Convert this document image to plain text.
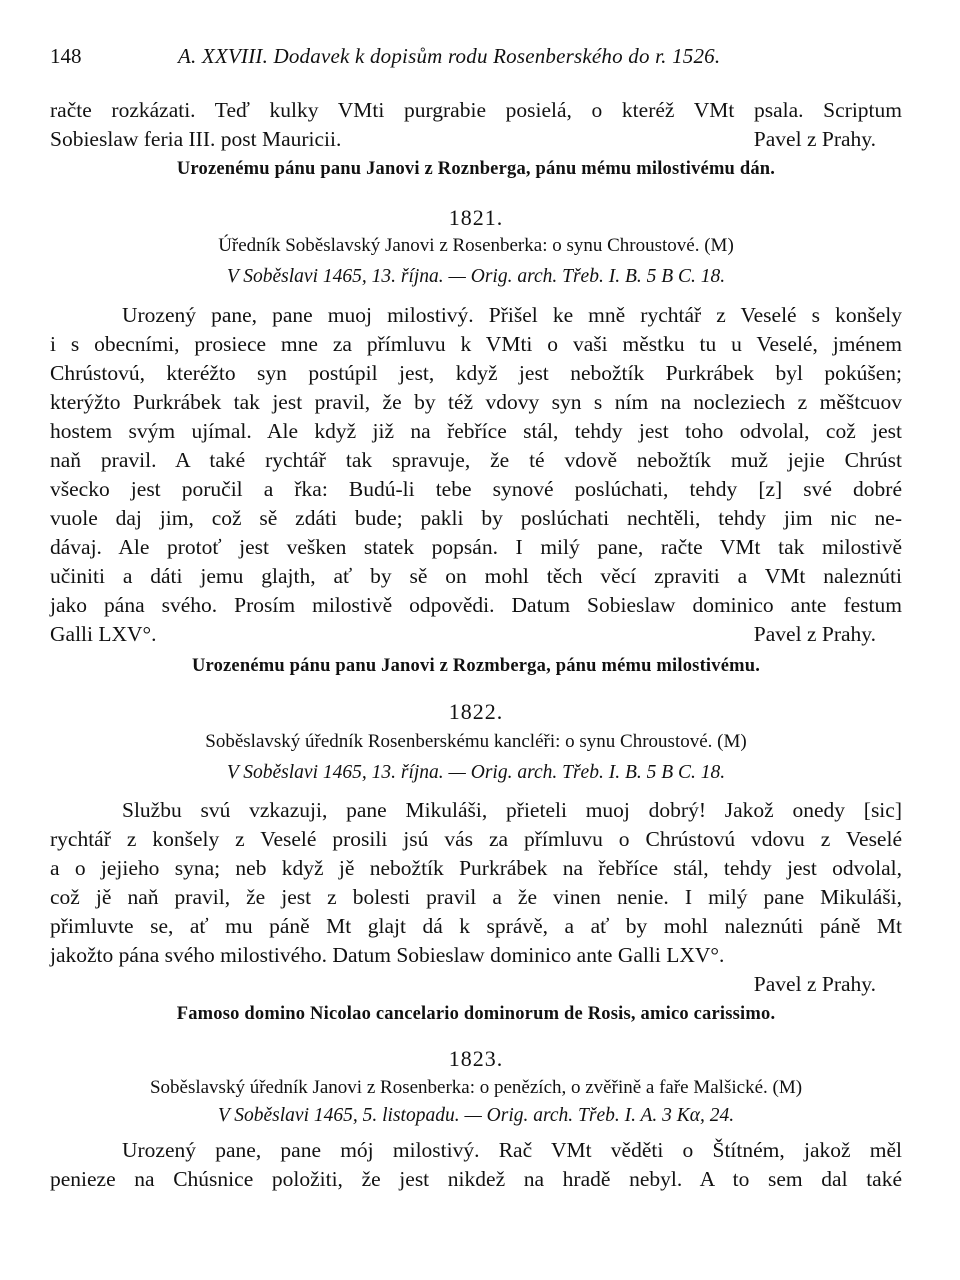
148	A. XXVIII. Dodavek k dopisům rodu Rosenberského do r. 1526.
račte rozkázati. Teď kulky VMti purgrabie posielá, o kteréž VMt psala. Scriptum
Sobieslaw feria III. post Mauricii.	Pavel z Prahy.
Urozenému pánu panu Janovi z Roznberga, pánu mému milostivému dán.
1821.
Úředník Soběslavský Janovi z Rosenberka: o synu Chroustové. (M)
V Soběslavi 1465, 13. října. — Orig. arch. Třeb. I. B. 5 B C. 18.
Urozený pane, pane muoj milostivý. Přišel ke mně rychtář z Veselé s konšely
i s obecními, prosiece mne za přímluvu k VMti o vaši městku tu u Veselé, jménem
Chrústovú, kteréžto syn postúpil jest, když jest nebožtík Purkrábek byl pokúšen;
kterýžto Purkrábek tak jest pravil, že by též vdovy syn s ním na nocleziech z měštcuov
hostem svým ujímal. Ale když již na řebříce stál, tehdy jest toho odvolal, což jest
naň pravil. A také rychtář tak spravuje, že té vdově nebožtík muž jejie Chrúst
všecko jest poručil a řka: Budú-li tebe synové poslúchati, tehdy [z] své dobré
vuole daj jim, což sě zdáti bude; pakli by poslúchati nechtěli, tehdy jim nic ne-
dávaj. Ale protoť jest vešken statek popsán. I milý pane, račte VMt tak milostivě
učiniti a dáti jemu glajth, ať by sě on mohl těch věcí zpraviti a VMt naleznúti
jako pána svého. Prosím milostivě odpovědi. Datum Sobieslaw dominico ante festum
Galli LXV°.	Pavel z Prahy.
Urozenému pánu panu Janovi z Rozmberga, pánu mému milostivému.
1822.
Soběslavský úředník Rosenberskému kancléři: o synu Chroustové. (M)
V Soběslavi 1465, 13. října. — Orig. arch. Třeb. I. B. 5 B C. 18.
Službu svú vzkazuji, pane Mikuláši, přieteli muoj dobrý! Jakož onedy [sic]
rychtář z konšely z Veselé prosili jsú vás za přímluvu o Chrústovú vdovu z Veselé
a o jejieho syna; neb když jě nebožtík Purkrábek na řebříce stál, tehdy jest odvolal,
což jě naň pravil, že jest z bolesti pravil a že vinen nenie. I milý pane Mikuláši,
přimluvte se, ať mu páně Mt glajt dá k správě, a ať by mohl naleznúti páně Mt
jakožto pána svého milostivého. Datum Sobieslaw dominico ante Galli LXV°.
Pavel z Prahy.
Famoso domino Nicolao cancelario dominorum de Rosis, amico carissimo.
1823.
Soběslavský úředník Janovi z Rosenberka: o penězích, o zvěřině a faře Malšické. (M)
V Soběslavi 1465, 5. listopadu. — Orig. arch. Třeb. I. A. 3 Kα, 24.
Urozený pane, pane mój milostivý. Rač VMt věděti o Štítném, jakož měl
penieze na Chúsnice položiti, že jest nikdež na hradě nebyl. A to sem dal také
